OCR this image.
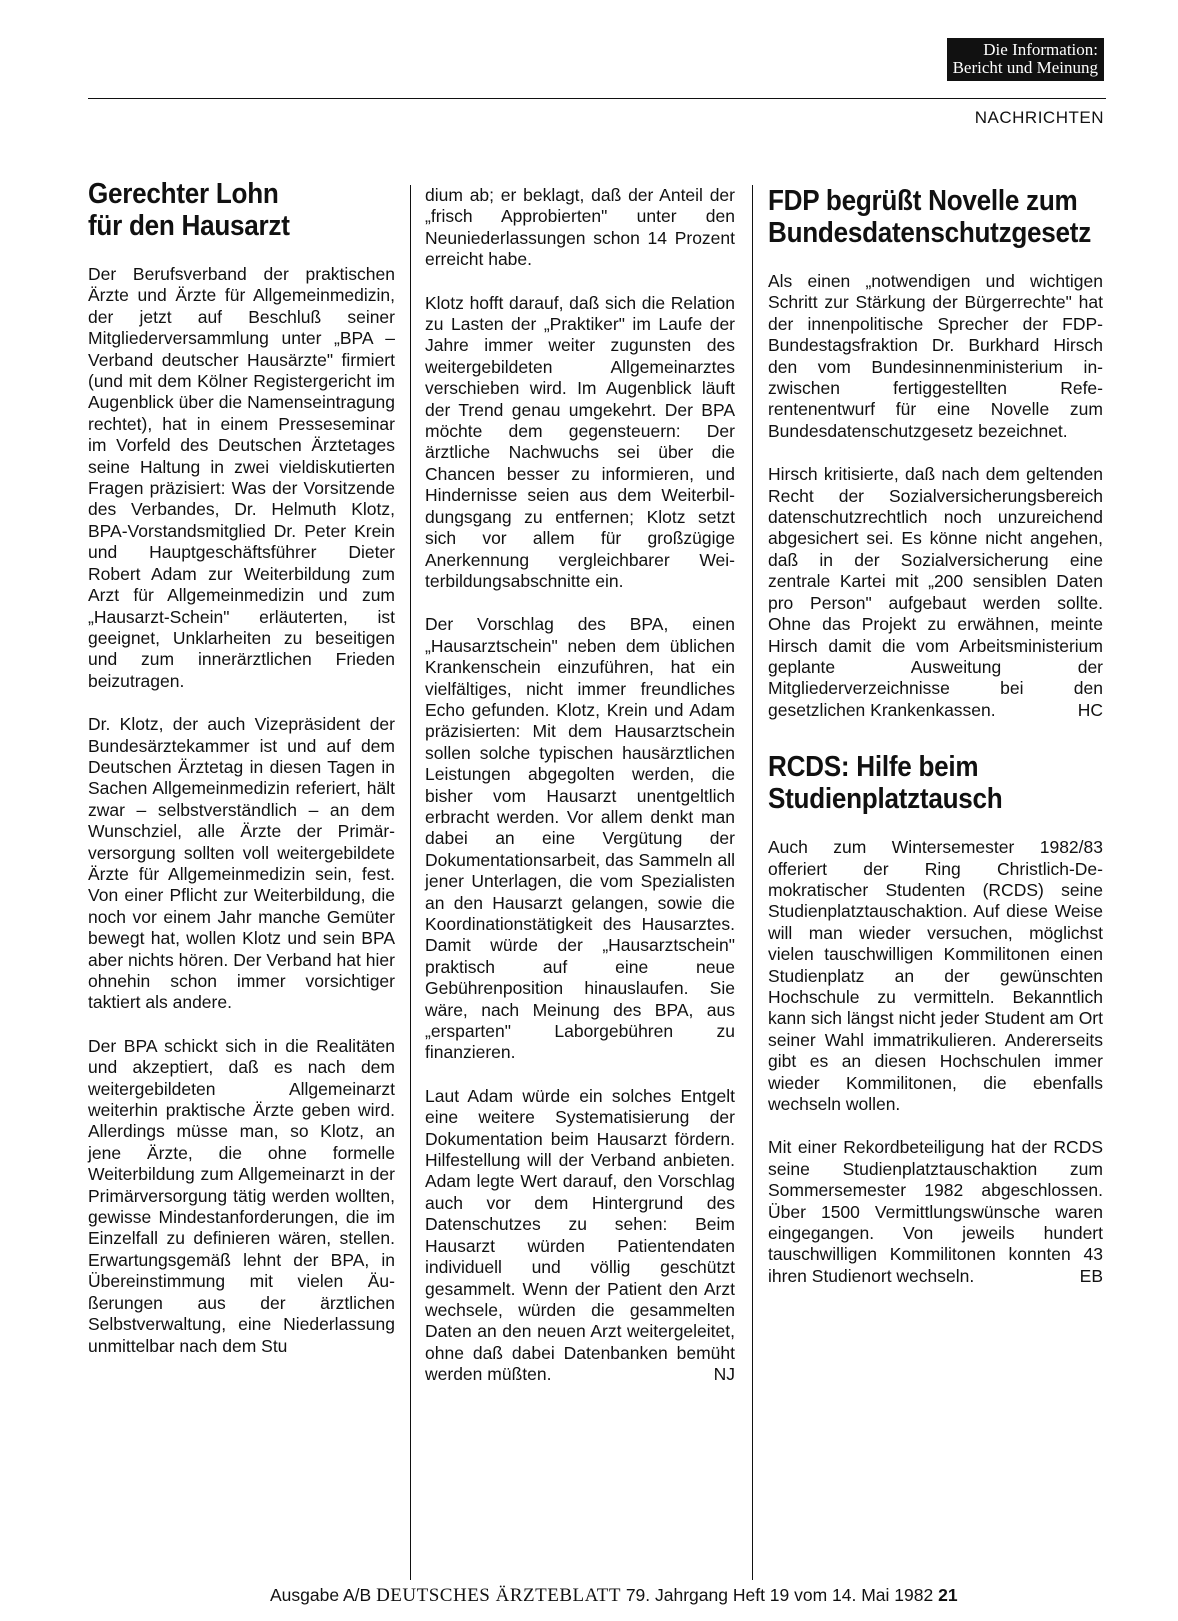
Die Information:
Bericht und Meinung
NACHRICHTEN
Gerechter Lohn
für den Hausarzt

Der Berufsverband der praktischen Ärzte und Ärzte für Allgemeinmedizin, der jetzt auf Beschluß seiner Mitgliederversammlung unter „BPA – Verband deutscher Hausärzte" firmiert (und mit dem Kölner Registergericht im Augenblick über die Namenseintragung rechtet), hat in einem Presseseminar im Vorfeld des Deutschen Ärztetages seine Haltung in zwei vieldiskutierten Fragen präzisiert: Was der Vorsitzende des Verbandes, Dr. Helmuth Klotz, BPA-Vorstandsmitglied Dr. Peter Krein und Hauptgeschäftsführer Dieter Robert Adam zur Weiterbildung zum Arzt für Allgemeinmedizin und zum „Hausarzt-Schein" erläuterten, ist geeignet, Unklarheiten zu beseitigen und zum innerärztlichen Frieden beizutragen.

Dr. Klotz, der auch Vizepräsident der Bundesärztekammer ist und auf dem Deutschen Ärztetag in diesen Tagen in Sachen Allgemeinmedizin referiert, hält zwar – selbstverständlich – an dem Wunschziel, alle Ärzte der Primärversorgung sollten voll weitergebildete Ärzte für Allgemeinmedizin sein, fest. Von einer Pflicht zur Weiterbildung, die noch vor einem Jahr manche Gemüter bewegt hat, wollen Klotz und sein BPA aber nichts hören. Der Verband hat hier ohnehin schon immer vorsichtiger taktiert als andere.

Der BPA schickt sich in die Realitäten und akzeptiert, daß es nach dem weitergebildeten Allgemeinarzt weiterhin praktische Ärzte geben wird. Allerdings müsse man, so Klotz, an jene Ärzte, die ohne formelle Weiterbildung zum Allgemeinarzt in der Primärversorgung tätig werden wollten, gewisse Mindestanforderungen, die im Einzelfall zu definieren wären, stellen. Erwartungsgemäß lehnt der BPA, in Übereinstimmung mit vielen Äußerungen aus der ärztlichen Selbstverwaltung, eine Niederlassung unmittelbar nach dem Stu

dium ab; er beklagt, daß der Anteil der „frisch Approbierten" unter den Neuniederlassungen schon 14 Prozent erreicht habe.

Klotz hofft darauf, daß sich die Relation zu Lasten der „Praktiker" im Laufe der Jahre immer weiter zugunsten des weitergebildeten Allgemeinarztes verschieben wird. Im Augenblick läuft der Trend genau umgekehrt. Der BPA möchte dem gegensteuern: Der ärztliche Nachwuchs sei über die Chancen besser zu informieren, und Hindernisse seien aus dem Weiterbildungsgang zu entfernen; Klotz setzt sich vor allem für großzügige Anerkennung vergleichbarer Weiterbildungsabschnitte ein.

Der Vorschlag des BPA, einen „Hausarztschein" neben dem üblichen Krankenschein einzuführen, hat ein vielfältiges, nicht immer freundliches Echo gefunden. Klotz, Krein und Adam präzisierten: Mit dem Hausarztschein sollen solche typischen hausärztlichen Leistungen abgegolten werden, die bisher vom Hausarzt unentgeltlich erbracht werden. Vor allem denkt man dabei an eine Vergütung der Dokumentationsarbeit, das Sammeln all jener Unterlagen, die vom Spezialisten an den Hausarzt gelangen, sowie die Koordinationstätigkeit des Hausarztes. Damit würde der „Hausarztschein" praktisch auf eine neue Gebührenposition hinauslaufen. Sie wäre, nach Meinung des BPA, aus „ersparten" Laborgebühren zu finanzieren.

Laut Adam würde ein solches Entgelt eine weitere Systematisierung der Dokumentation beim Hausarzt fördern. Hilfestellung will der Verband anbieten. Adam legte Wert darauf, den Vorschlag auch vor dem Hintergrund des Datenschutzes zu sehen: Beim Hausarzt würden Patientendaten individuell und völlig geschützt gesammelt. Wenn der Patient den Arzt wechsele, würden die gesammelten Daten an den neuen Arzt weitergeleitet, ohne daß dabei Datenbanken bemüht werden müßten.	NJ

FDP begrüßt Novelle zum
Bundesdatenschutzgesetz

Als einen „notwendigen und wichtigen Schritt zur Stärkung der Bürgerrechte" hat der innenpolitische Sprecher der FDP-Bundestagsfraktion Dr. Burkhard Hirsch den vom Bundesinnenministerium inzwischen fertiggestellten Referentenentwurf für eine Novelle zum Bundesdatenschutzgesetz bezeichnet.

Hirsch kritisierte, daß nach dem geltenden Recht der Sozialversicherungsbereich datenschutzrechtlich noch unzureichend abgesichert sei. Es könne nicht angehen, daß in der Sozialversicherung eine zentrale Kartei mit „200 sensiblen Daten pro Person" aufgebaut werden sollte. Ohne das Projekt zu erwähnen, meinte Hirsch damit die vom Arbeitsministerium geplante Ausweitung der Mitgliederverzeichnisse bei den gesetzlichen Krankenkassen.	HC

RCDS: Hilfe beim
Studienplatztausch

Auch zum Wintersemester 1982/83 offeriert der Ring Christlich-Demokratischer Studenten (RCDS) seine Studienplatztauschaktion. Auf diese Weise will man wieder versuchen, möglichst vielen tauschwilligen Kommilitonen einen Studienplatz an der gewünschten Hochschule zu vermitteln. Bekanntlich kann sich längst nicht jeder Student am Ort seiner Wahl immatrikulieren. Andererseits gibt es an diesen Hochschulen immer wieder Kommilitonen, die ebenfalls wechseln wollen.

Mit einer Rekordbeteiligung hat der RCDS seine Studienplatztauschaktion zum Sommersemester 1982 abgeschlossen. Über 1500 Vermittlungswünsche waren eingegangen. Von jeweils hundert tauschwilligen Kommilitonen konnten 43 ihren Studienort wechseln.	EB

Ausgabe A/B DEUTSCHES ÄRZTEBLATT 79. Jahrgang Heft 19 vom 14. Mai 1982 21
